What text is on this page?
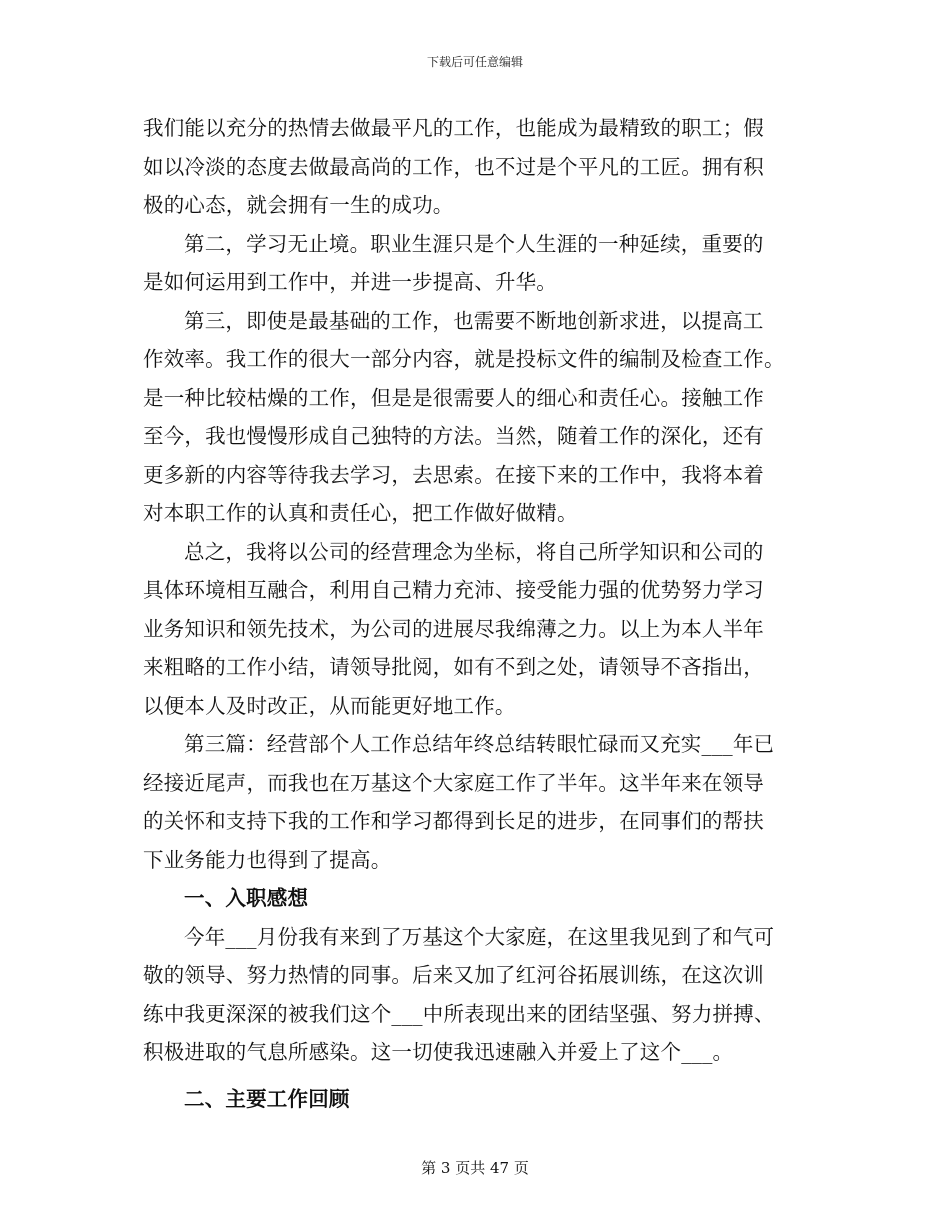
下载后可任意编辑
我们能以充分的热情去做最平凡的工作，也能成为最精致的职工；假
如以冷淡的态度去做最高尚的工作，也不过是个平凡的工匠。拥有积
极的心态，就会拥有一生的成功。
第二，学习无止境。职业生涯只是个人生涯的一种延续，重要的
是如何运用到工作中，并进一步提高、升华。
第三，即使是最基础的工作，也需要不断地创新求进，以提高工
作效率。我工作的很大一部分内容，就是投标文件的编制及检查工作。
是一种比较枯燥的工作，但是是很需要人的细心和责任心。接触工作
至今，我也慢慢形成自己独特的方法。当然，随着工作的深化，还有
更多新的内容等待我去学习，去思索。在接下来的工作中，我将本着
对本职工作的认真和责任心，把工作做好做精。
总之，我将以公司的经营理念为坐标，将自己所学知识和公司的
具体环境相互融合，利用自己精力充沛、接受能力强的优势努力学习
业务知识和领先技术，为公司的进展尽我绵薄之力。以上为本人半年
来粗略的工作小结，请领导批阅，如有不到之处，请领导不吝指出，
以便本人及时改正，从而能更好地工作。
第三篇：经营部个人工作总结年终总结转眼忙碌而又充实___年已
经接近尾声，而我也在万基这个大家庭工作了半年。这半年来在领导
的关怀和支持下我的工作和学习都得到长足的进步，在同事们的帮扶
下业务能力也得到了提高。
一、入职感想
今年___月份我有来到了万基这个大家庭，在这里我见到了和气可
敬的领导、努力热情的同事。后来又加了红河谷拓展训练，在这次训
练中我更深深的被我们这个___中所表现出来的团结坚强、努力拼搏、
积极进取的气息所感染。这一切使我迅速融入并爱上了这个___。
二、主要工作回顾
第 3 页共 47 页
